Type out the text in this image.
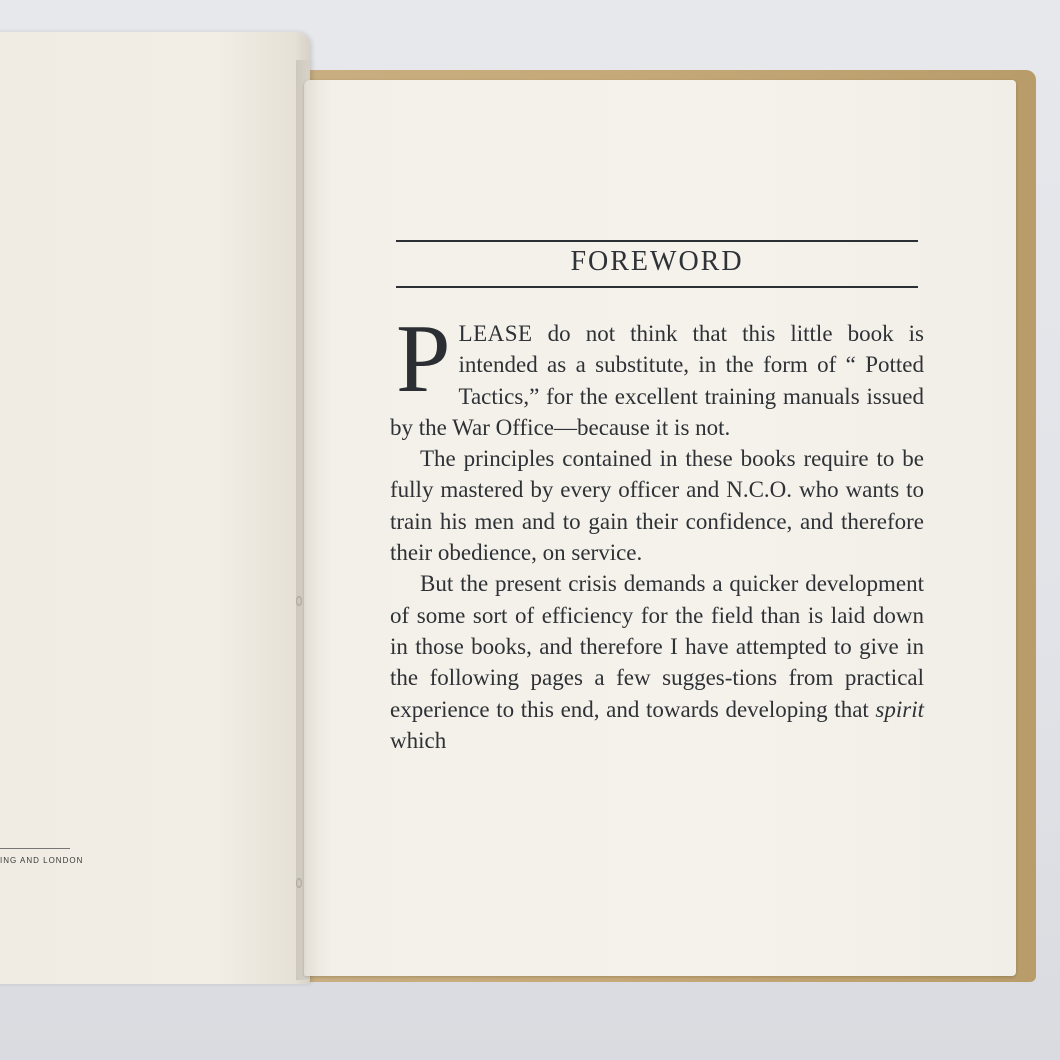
ING AND LONDON
FOREWORD

PLEASE do not think that this little book is intended as a substitute, in the form of “ Potted Tactics,” for the excellent training manuals issued by the War Office—because it is not.

The principles contained in these books require to be fully mastered by every officer and N.C.O. who wants to train his men and to gain their confidence, and therefore their obedience, on service.

But the present crisis demands a quicker development of some sort of efficiency for the field than is laid down in those books, and therefore I have attempted to give in the following pages a few sugges-tions from practical experience to this end, and towards developing that spirit which
